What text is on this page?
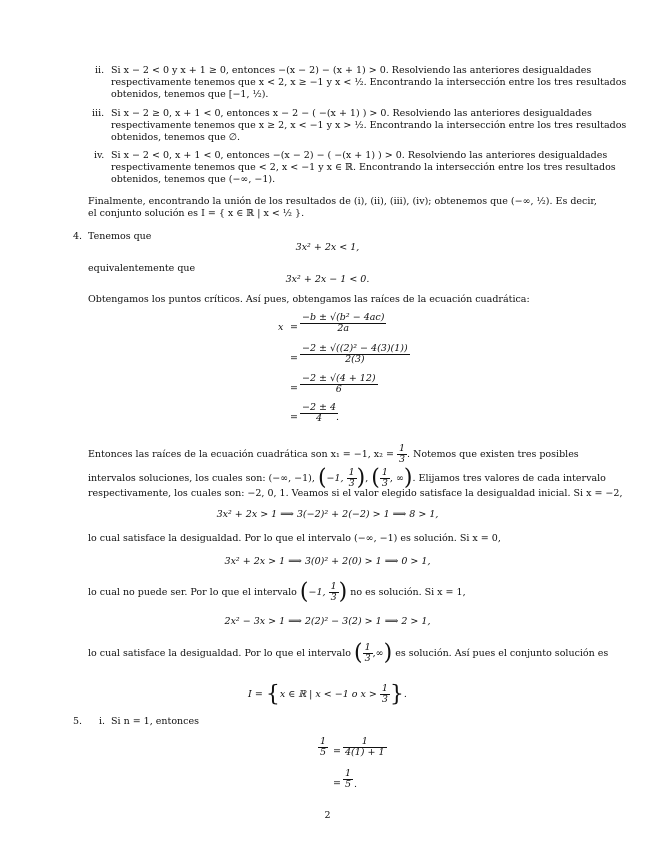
ii. Si x − 2 < 0 y x + 1 ≥ 0, entonces −(x − 2) − (x + 1) > 0. Resolviendo las anteriores desigualdades
respectivamente tenemos que x < 2, x ≥ −1 y x < ½. Encontrando la intersección entre los tres resultados
obtenidos, tenemos que [−1, ½).
iii. Si x − 2 ≥ 0, x + 1 < 0, entonces x − 2 − ( −(x + 1) ) > 0. Resolviendo las anteriores desigualdades
respectivamente tenemos que x ≥ 2, x < −1 y x > ½. Encontrando la intersección entre los tres resultados
obtenidos, tenemos que ∅.
iv. Si x − 2 < 0, x + 1 < 0, entonces −(x − 2) − ( −(x + 1) ) > 0. Resolviendo las anteriores desigualdades
respectivamente tenemos que < 2, x < −1 y x ∈ ℝ. Encontrando la intersección entre los tres resultados
obtenidos, tenemos que (−∞, −1).
Finalmente, encontrando la unión de los resultados de (i), (ii), (iii), (iv); obtenemos que (−∞, ½). Es decir,
el conjunto solución es I = { x ∈ ℝ | x < ½ }.
4. Tenemos que
3x² + 2x < 1,
equivalentemente que
3x² + 2x − 1 < 0.
Obtengamos los puntos críticos. Así pues, obtengamos las raíces de la ecuación cuadrática:
$x = \frac{\text{−b ± √(b² − 4ac)}}{2a}$
= $\frac{\text{−2 ± √((2)² − 4(3)(1))}}{2(3)}$
= $\frac{-2 \pm √(4 + 12)}{6}$
= $\frac{-2 \pm 4}{4}$
.
Entonces las raíces de la ecuación cuadrática son x₁ = −1, $x_2 = \frac{1}{3}$ . Notemos que existen tres posibles
intervalos soluciones, los cuales son: (−∞, −1), (−1, $\frac{1}{3}$ ), ( $\frac{1}{3}$ , ∞). Elijamos tres valores de cada intervalo
respectivamente, los cuales son: −2, 0, 1. Veamos si el valor elegido satisface la desigualdad inicial. Si x = −2,
3x² + 2x > 1 ⟹ 3(−2)² + 2(−2) > 1 ⟹ 8 > 1,
lo cual satisface la desigualdad. Por lo que el intervalo (−∞, −1) es solución. Si x = 0,
3x² + 2x > 1 ⟹ 3(0)² + 2(0) > 1 ⟹ 0 > 1,
lo cual no puede ser. Por lo que el intervalo (−1, $\frac{1}{3}$ ) no es solución. Si x = 1,
2x² − 3x > 1 ⟹ 2(2)² − 3(2) > 1 ⟹ 2 > 1,
lo cual satisface la desigualdad. Por lo que el intervalo ( $\frac{1}{3}$ ,∞) es solución. Así pues el conjunto solución es
I = {x ∈ ℝ | x < −1 o $x > \frac{1}{3}$ }.
5. i. Si n = 1, entonces
$\frac{1}{5} = \frac{1}{4(1) + 1}$
= $\frac{1}{5}$ .
2
